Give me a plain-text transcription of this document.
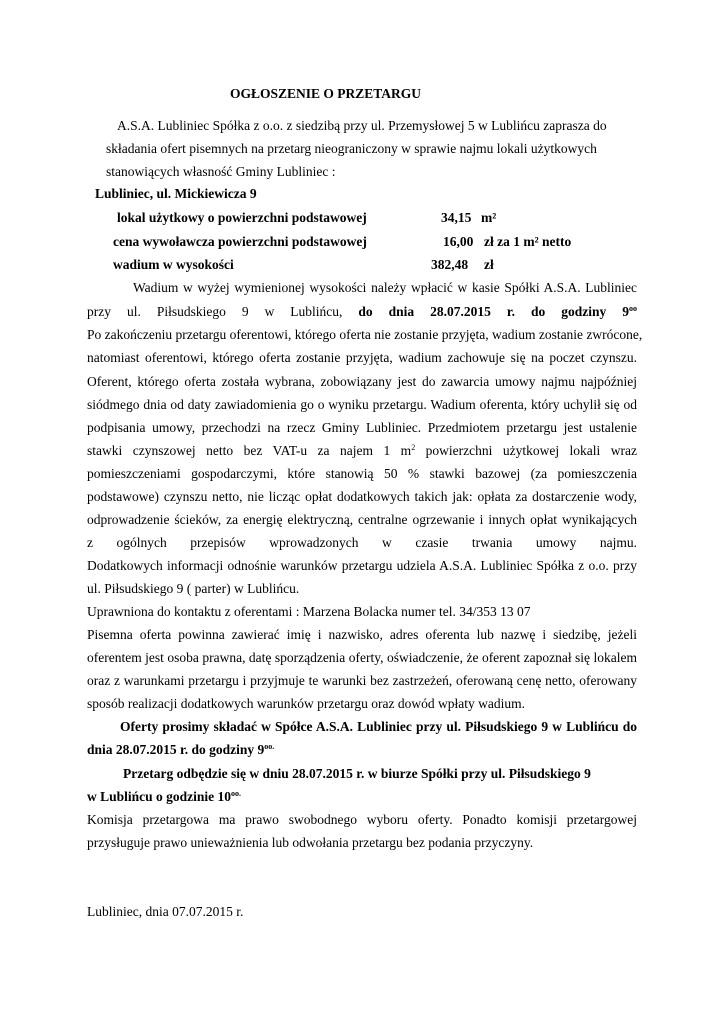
OGŁOSZENIE O PRZETARGU
A.S.A. Lubliniec Spółka z o.o. z siedzibą przy ul. Przemysłowej 5 w Lublińcu zaprasza do
składania ofert pisemnych na przetarg nieograniczony w sprawie najmu lokali użytkowych
stanowiących własność Gminy Lubliniec :
Lubliniec, ul. Mickiewicza 9
lokal użytkowy o powierzchni podstawowej	34,15 m²
cena wywoławcza powierzchni podstawowej	16,00 zł za 1 m² netto
wadium w wysokości	382,48 zł
Wadium w wyżej wymienionej wysokości należy wpłacić w kasie Spółki A.S.A. Lubliniec
przy ul. Piłsudskiego 9 w Lublińcu, do dnia 28.07.2015 r. do godziny $9^{oo}$
Po zakończeniu przetargu oferentowi, którego oferta nie zostanie przyjęta, wadium zostanie zwrócone,
natomiast oferentowi, którego oferta zostanie przyjęta, wadium zachowuje się na poczet czynszu.
Oferent, którego oferta została wybrana, zobowiązany jest do zawarcia umowy najmu najpóźniej
siódmego dnia od daty zawiadomienia go o wyniku przetargu. Wadium oferenta, który uchylił się od
podpisania umowy, przechodzi na rzecz Gminy Lubliniec. Przedmiotem przetargu jest ustalenie
stawki czynszowej netto bez VAT-u za najem 1 $m^2$ powierzchni użytkowej lokali wraz
pomieszczeniami gospodarczymi, które stanowią 50 % stawki bazowej (za pomieszczenia
podstawowe) czynszu netto, nie licząc opłat dodatkowych takich jak: opłata za dostarczenie wody,
odprowadzenie ścieków, za energię elektryczną, centralne ogrzewanie i innych opłat wynikających
z ogólnych przepisów wprowadzonych w czasie trwania umowy najmu.
Dodatkowych informacji odnośnie warunków przetargu udziela A.S.A. Lubliniec Spółka z o.o. przy
ul. Piłsudskiego 9 ( parter) w Lublińcu.
Uprawniona do kontaktu z oferentami : Marzena Bolacka numer tel. 34/353 13 07
Pisemna oferta powinna zawierać imię i nazwisko, adres oferenta lub nazwę i siedzibę, jeżeli
oferentem jest osoba prawna, datę sporządzenia oferty, oświadczenie, że oferent zapoznał się lokalem
oraz z warunkami przetargu i przyjmuje te warunki bez zastrzeżeń, oferowaną cenę netto, oferowany
sposób realizacji dodatkowych warunków przetargu oraz dowód wpłaty wadium.
Oferty prosimy składać w Spółce A.S.A. Lubliniec przy ul. Piłsudskiego 9 w Lublińcu do
dnia 28.07.2015 r. do godziny $9^{oo.}$
Przetarg odbędzie się w dniu 28.07.2015 r. w biurze Spółki przy ul. Piłsudskiego 9
w Lublińcu o godzinie $10^{oo.}$
Komisja przetargowa ma prawo swobodnego wyboru oferty. Ponadto komisji przetargowej
przysługuje prawo unieważnienia lub odwołania przetargu bez podania przyczyny.
Lubliniec, dnia 07.07.2015 r.
